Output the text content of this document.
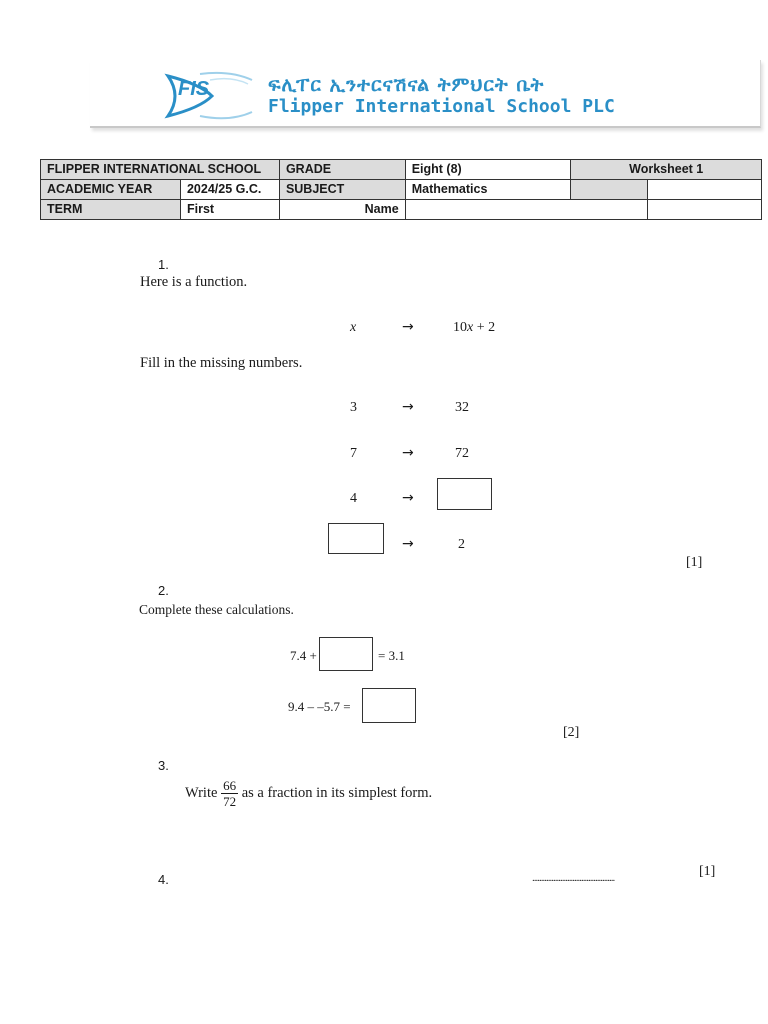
FIS	ፍሊፐር ኢንተርናሽናል ትምህርት ቤት
Flipper International School PLC
FLIPPER INTERNATIONAL SCHOOL		GRADE	Eight (8)	Worksheet 1	
ACADEMIC YEAR	2024/25 G.C.	SUBJECT	Mathematics		
TERM	First	Name			
1.
Here is a function.
x	→	10x + 2
Fill in the missing numbers.
3	→	32
7	→	72
4	→
→	2
[1]
2.
Complete these calculations.
7.4 +	= 3.1
9.4 – –5.7 =
[2]
3.
Write $\frac{66}{72}$ as a fraction in its simplest form.
...............................................	[1]
4.
